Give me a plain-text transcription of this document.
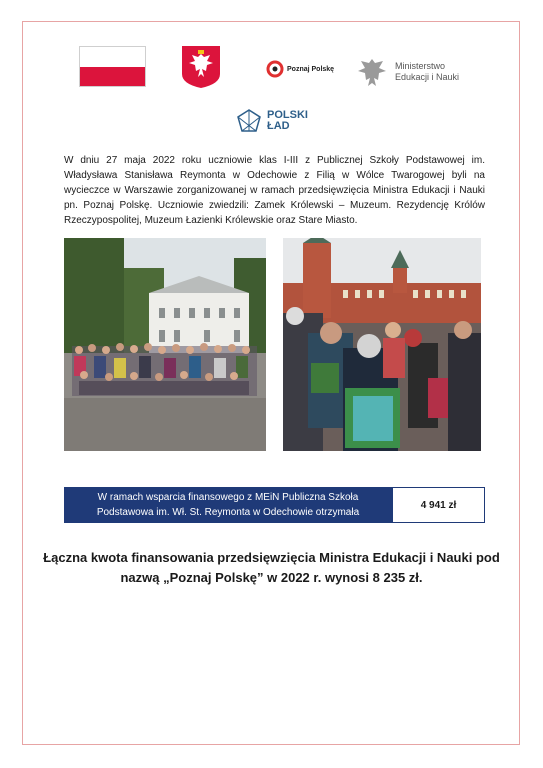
Poznaj Polskę	Ministerstwo Edukacji i Nauki
POLSKI ŁAD

W dniu 27 maja 2022 roku uczniowie klas I-III z Publicznej Szkoły Podstawowej im. Władysława Stanisława Reymonta w Odechowie z Filią w Wólce Twarogowej byli na wycieczce w Warszawie zorganizowanej w ramach przedsięwzięcia Ministra Edukacji i Nauki pn. Poznaj Polskę. Uczniowie zwiedzili: Zamek Królewski – Muzeum. Rezydencję Królów Rzeczypospolitej, Muzeum Łazienki Królewskie oraz Stare Miasto.

W ramach wsparcia finansowego z MEiN Publiczna Szkoła Podstawowa im. Wł. St. Reymonta w Odechowie otrzymała
4 941 zł

Łączna kwota finansowania przedsięwzięcia Ministra Edukacji i Nauki pod nazwą „Poznaj Polskę” w 2022 r. wynosi 8 235 zł.
